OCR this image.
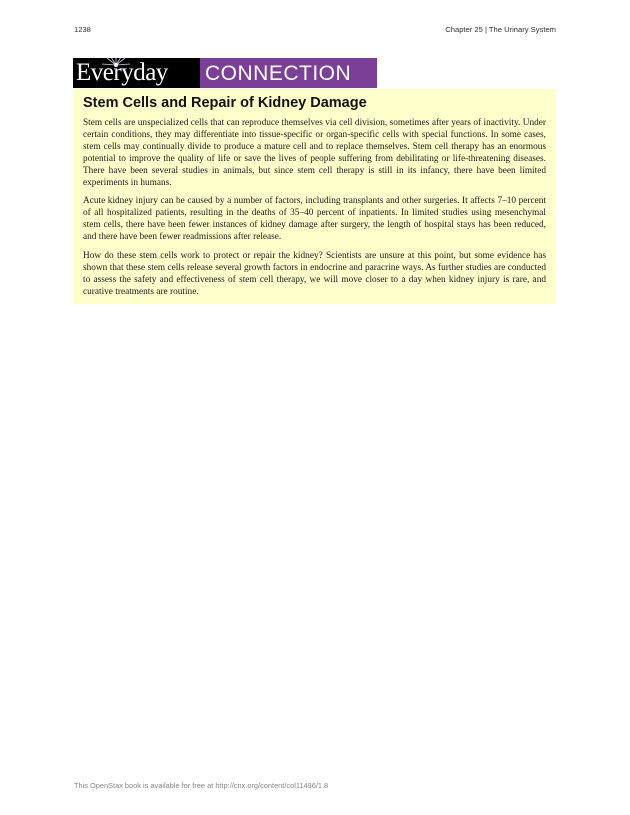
1238	Chapter 25 | The Urinary System
Everyday	CONNECTION
Stem Cells and Repair of Kidney Damage

Stem cells are unspecialized cells that can reproduce themselves via cell division, sometimes after years of inactivity. Under certain conditions, they may differentiate into tissue-specific or organ-specific cells with special functions. In some cases, stem cells may continually divide to produce a mature cell and to replace themselves. Stem cell therapy has an enormous potential to improve the quality of life or save the lives of people suffering from debilitating or life-threatening diseases. There have been several studies in animals, but since stem cell therapy is still in its infancy, there have been limited experiments in humans.

Acute kidney injury can be caused by a number of factors, including transplants and other surgeries. It affects 7–10 percent of all hospitalized patients, resulting in the deaths of 35–40 percent of inpatients. In limited studies using mesenchymal stem cells, there have been fewer instances of kidney damage after surgery, the length of hospital stays has been reduced, and there have been fewer readmissions after release.

How do these stem cells work to protect or repair the kidney? Scientists are unsure at this point, but some evidence has shown that these stem cells release several growth factors in endocrine and paracrine ways. As further studies are conducted to assess the safety and effectiveness of stem cell therapy, we will move closer to a day when kidney injury is rare, and curative treatments are routine.

This OpenStax book is available for free at http://cnx.org/content/col11496/1.8
